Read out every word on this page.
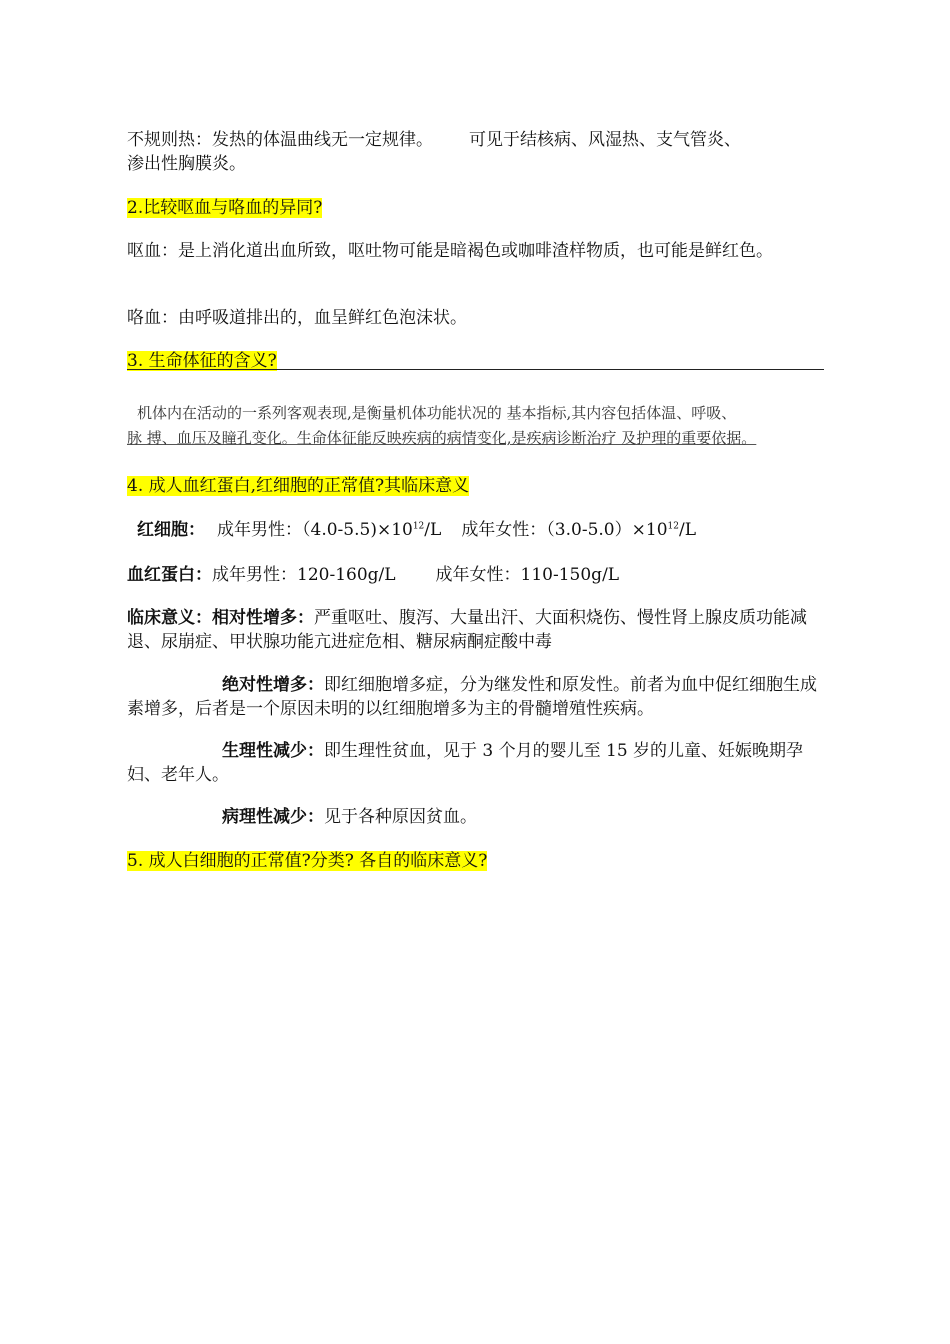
不规则热：发热的体温曲线无一定规律。 可见于结核病、风湿热、支气管炎、
渗出性胸膜炎。

2.比较呕血与咯血的异同?

呕血：是上消化道出血所致，呕吐物可能是暗褐色或咖啡渣样物质，也可能是鲜红色。

咯血：由呼吸道排出的，血呈鲜红色泡沫状。

3. 生命体征的含义?

机体内在活动的一系列客观表现,是衡量机体功能状况的 基本指标,其内容包括体温、呼吸、

脉 搏、血压及瞳孔变化。生命体征能反映疾病的病情变化,是疾病诊断治疗 及护理的重要依据。

4. 成人血红蛋白,红细胞的正常值?其临床意义

红细胞： 成年男性：$(4.0-5.5)\times 10^{12}/L$ 成年女性：$(3.0-5.0)\times 10^{12}/L$

血红蛋白：成年男性：120-160g/L 成年女性：110-150g/L

临床意义：相对性增多：严重呕吐、腹泻、大量出汗、大面积烧伤、慢性肾上腺皮质功能减退、尿崩症、甲状腺功能亢进症危相、糖尿病酮症酸中毒

绝对性增多：即红细胞增多症，分为继发性和原发性。前者为血中促红细胞生成素增多，后者是一个原因未明的以红细胞增多为主的骨髓增殖性疾病。

生理性减少：即生理性贫血，见于 3 个月的婴儿至 15 岁的儿童、妊娠晚期孕妇、老年人。

病理性减少：见于各种原因贫血。

5. 成人白细胞的正常值?分类? 各自的临床意义?
